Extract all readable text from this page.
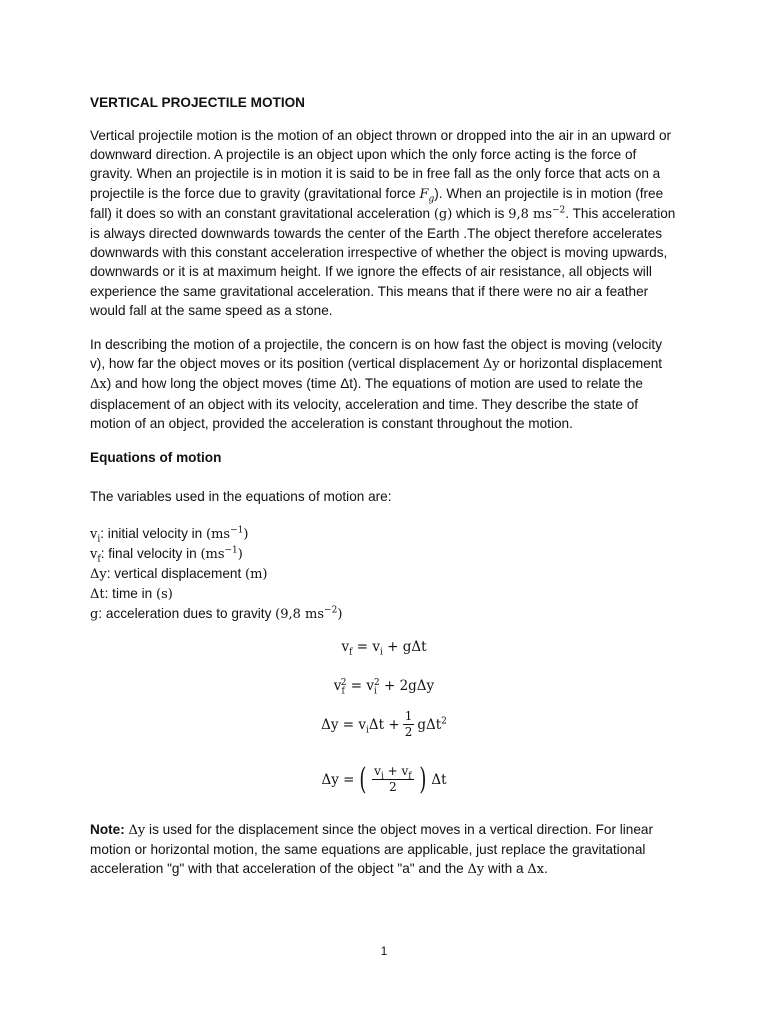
VERTICAL PROJECTILE MOTION
Vertical projectile motion is the motion of an object thrown or dropped into the air in an upward or downward direction. A projectile is an object upon which the only force acting is the force of gravity. When an projectile is in motion it is said to be in free fall as the only force that acts on a projectile is the force due to gravity (gravitational force $F_g$). When an projectile is in motion (free fall) it does so with an constant gravitational acceleration (g) which is 9,8 $ms^{-2}$. This acceleration is always directed downwards towards the center of the Earth .The object therefore accelerates downwards with this constant acceleration irrespective of whether the object is moving upwards, downwards or it is at maximum height. If we ignore the effects of air resistance, all objects will experience the same gravitational acceleration. This means that if there were no air a feather would fall at the same speed as a stone.
In describing the motion of a projectile, the concern is on how fast the object is moving (velocity v), how far the object moves or its position (vertical displacement Δy or horizontal displacement Δx) and how long the object moves (time Δt). The equations of motion are used to relate the displacement of an object with its velocity, acceleration and time. They describe the state of motion of an object, provided the acceleration is constant throughout the motion.
Equations of motion
The variables used in the equations of motion are:
$v_i$: initial velocity in $(ms^{-1})$
$v_f$: final velocity in $(ms^{-1})$
Δy: vertical displacement (m)
Δt: time in (s)
g: acceleration dues to gravity (9,8 $ms^{-2}$)
$v_f = v_i + g\Delta t$
$v_f^2 = v_i^2 + 2g\Delta y$
$\Delta y = v_i\Delta t + \frac{1}{2} g\Delta t^2$
Δy = ( $\frac{v_i + v_f}{2}$ ) Δt
Note: Δy is used for the displacement since the object moves in a vertical direction. For linear motion or horizontal motion, the same equations are applicable, just replace the gravitational acceleration "g" with that acceleration of the object "a" and the Δy with a Δx.
1
